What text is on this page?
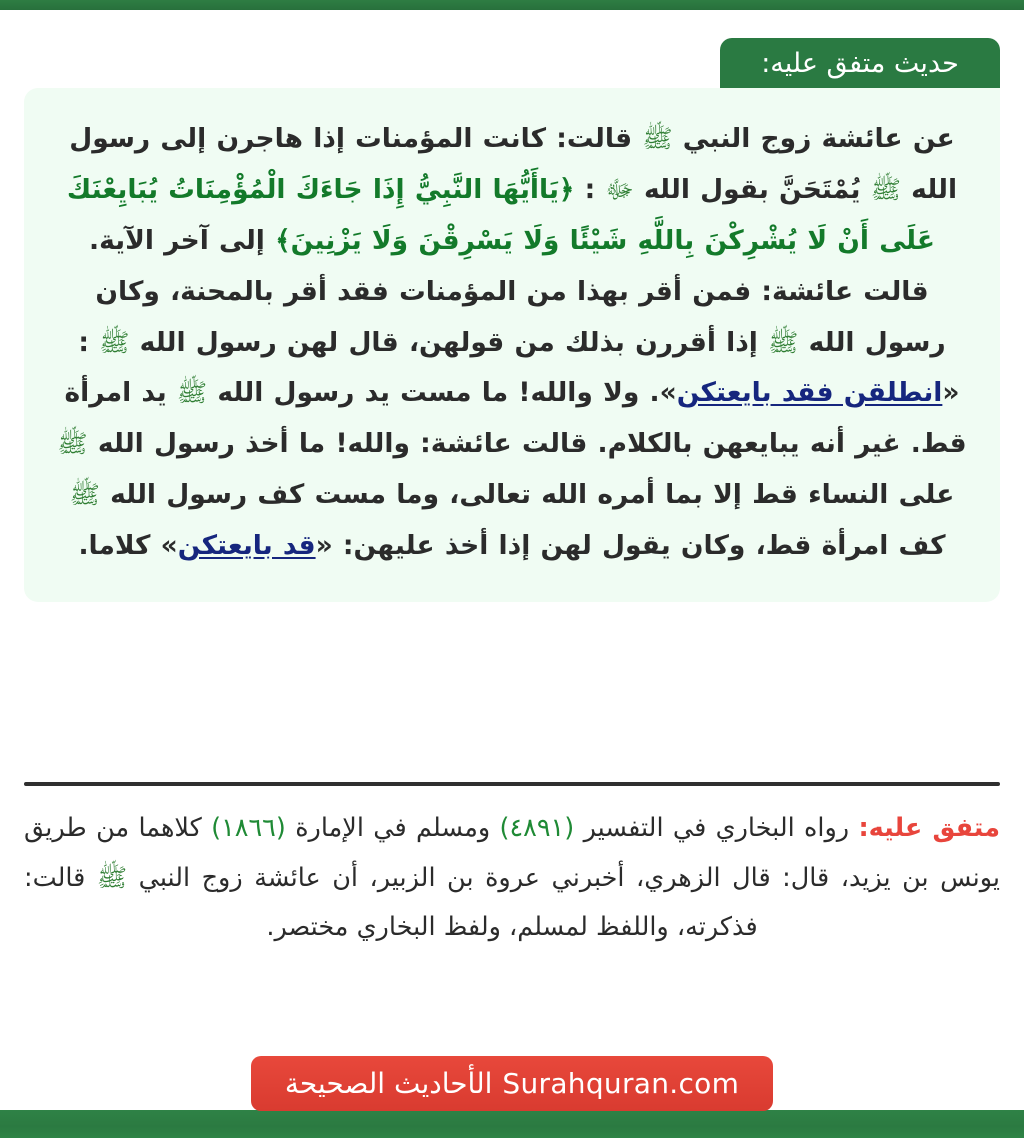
حديث متفق عليه:

عن عائشة زوج النبي ﷺ قالت: كانت المؤمنات إذا هاجرن إلى رسول الله ﷺ يُمْتَحَنَّ بقول الله ﷻ : ﴿يَاأَيُّهَا النَّبِيُّ إِذَا جَاءَكَ الْمُؤْمِنَاتُ يُبَايِعْنَكَ عَلَى أَنْ لَا يُشْرِكْنَ بِاللَّهِ شَيْئًا وَلَا يَسْرِقْنَ وَلَا يَزْنِينَ﴾ إلى آخر الآية. قالت عائشة: فمن أقر بهذا من المؤمنات فقد أقر بالمحنة، وكان رسول الله ﷺ إذا أقررن بذلك من قولهن، قال لهن رسول الله ﷺ : «انطلقن فقد بايعتكن». ولا والله! ما مست يد رسول الله ﷺ يد امرأة قط. غير أنه يبايعهن بالكلام. قالت عائشة: والله! ما أخذ رسول الله ﷺ على النساء قط إلا بما أمره الله تعالى، وما مست كف رسول الله ﷺ كف امرأة قط، وكان يقول لهن إذا أخذ عليهن: «قد بايعتكن» كلاما.

متفق عليه: رواه البخاري في التفسير (٤٨٩١) ومسلم في الإمارة (١٨٦٦) كلاهما من طريق يونس بن يزيد، قال: قال الزهري، أخبرني عروة بن الزبير، أن عائشة زوج النبي ﷺ قالت: فذكرته، واللفظ لمسلم، ولفظ البخاري مختصر.
Surahquran.com
الأحاديث الصحيحة
